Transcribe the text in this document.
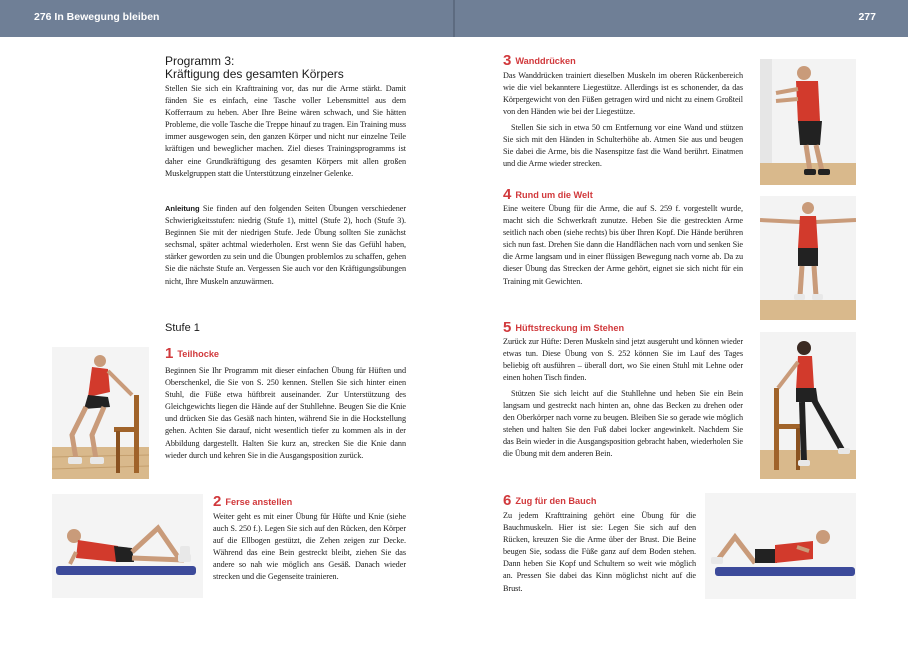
276 In Bewegung bleiben	277
Programm 3:
Kräftigung des gesamten Körpers

Stellen Sie sich ein Krafttraining vor, das nur die Arme stärkt. Damit fänden Sie es einfach, eine Tasche voller Lebensmittel aus dem Kofferraum zu heben. Aber Ihre Beine wären schwach, und Sie hätten Probleme, die volle Tasche die Treppe hinauf zu tragen. Ein Training muss immer ausgewogen sein, den ganzen Körper und nicht nur einzelne Teile kräftigen und beweglicher machen. Ziel dieses Trainingsprogramms ist daher eine Grundkräftigung des gesamten Körpers mit allen großen Muskelgruppen statt die Unterstützung einzelner Gelenke.

Anleitung Sie finden auf den folgenden Seiten Übungen verschiedener Schwierigkeitsstufen: niedrig (Stufe 1), mittel (Stufe 2), hoch (Stufe 3). Beginnen Sie mit der niedrigen Stufe. Jede Übung sollten Sie zunächst sechsmal, später achtmal wiederholen. Erst wenn Sie das Gefühl haben, stärker geworden zu sein und die Übungen problemlos zu schaffen, gehen Sie die nächste Stufe an. Vergessen Sie auch vor den Kräftigungsübungen nicht, Ihre Muskeln anzuwärmen.

Stufe 1
1 Teilhocke

Beginnen Sie Ihr Programm mit dieser einfachen Übung für Hüften und Oberschenkel, die Sie von S. 250 kennen. Stellen Sie sich hinter einen Stuhl, die Füße etwa hüftbreit auseinander. Zur Unterstützung des Gleichgewichts liegen die Hände auf der Stuhllehne. Beugen Sie die Knie und drücken Sie das Gesäß nach hinten, während Sie in die Hockstellung gehen. Achten Sie darauf, nicht wesentlich tiefer zu kommen als in der Abbildung dargestellt. Halten Sie kurz an, strecken Sie die Knie dann wieder durch und kehren Sie in die Ausgangsposition zurück.

2 Ferse anstellen

Weiter geht es mit einer Übung für Hüfte und Knie (siehe auch S. 250 f.). Legen Sie sich auf den Rücken, den Körper auf die Ellbogen gestützt, die Zehen zeigen zur Decke. Während das eine Bein gestreckt bleibt, ziehen Sie das andere so nah wie möglich ans Gesäß. Danach wieder strecken und die Gegenseite trainieren.

3 Wanddrücken

Das Wanddrücken trainiert dieselben Muskeln im oberen Rückenbereich wie die viel bekanntere Liegestütze. Allerdings ist es schonender, da das Körpergewicht von den Füßen getragen wird und nicht zu einem Großteil von den Händen wie bei der Liegestütze.

Stellen Sie sich in etwa 50 cm Entfernung vor eine Wand und stützen Sie sich mit den Händen in Schulterhöhe ab. Atmen Sie aus und beugen Sie dabei die Arme, bis die Nasenspitze fast die Wand berührt. Einatmen und die Arme wieder strecken.

4 Rund um die Welt

Eine weitere Übung für die Arme, die auf S. 259 f. vorgestellt wurde, macht sich die Schwerkraft zunutze. Heben Sie die gestreckten Arme seitlich nach oben (siehe rechts) bis über Ihren Kopf. Die Hände berühren sich nun fast. Drehen Sie dann die Handflächen nach vorn und senken Sie die Arme langsam und in einer flüssigen Bewegung nach vorne ab. Da zu dieser Übung das Strecken der Arme gehört, eignet sie sich nicht für ein Training mit Gewichten.

5 Hüftstreckung im Stehen

Zurück zur Hüfte: Deren Muskeln sind jetzt ausgeruht und können wieder etwas tun. Diese Übung von S. 252 können Sie im Lauf des Tages beliebig oft ausführen – überall dort, wo Sie einen Stuhl mit Lehne oder einen hohen Tisch finden.

Stützen Sie sich leicht auf die Stuhllehne und heben Sie ein Bein langsam und gestreckt nach hinten an, ohne das Becken zu drehen oder den Oberkörper nach vorne zu beugen. Bleiben Sie so gerade wie möglich stehen und halten Sie den Fuß dabei locker angewinkelt. Nachdem Sie das Bein wieder in die Ausgangsposition gebracht haben, wiederholen Sie die Übung mit dem anderen Bein.

6 Zug für den Bauch

Zu jedem Krafttraining gehört eine Übung für die Bauchmuskeln. Hier ist sie: Legen Sie sich auf den Rücken, kreuzen Sie die Arme über der Brust. Die Beine beugen Sie, sodass die Füße ganz auf dem Boden stehen. Dann heben Sie Kopf und Schultern so weit wie möglich an. Pressen Sie dabei das Kinn möglichst nicht auf die Brust.
